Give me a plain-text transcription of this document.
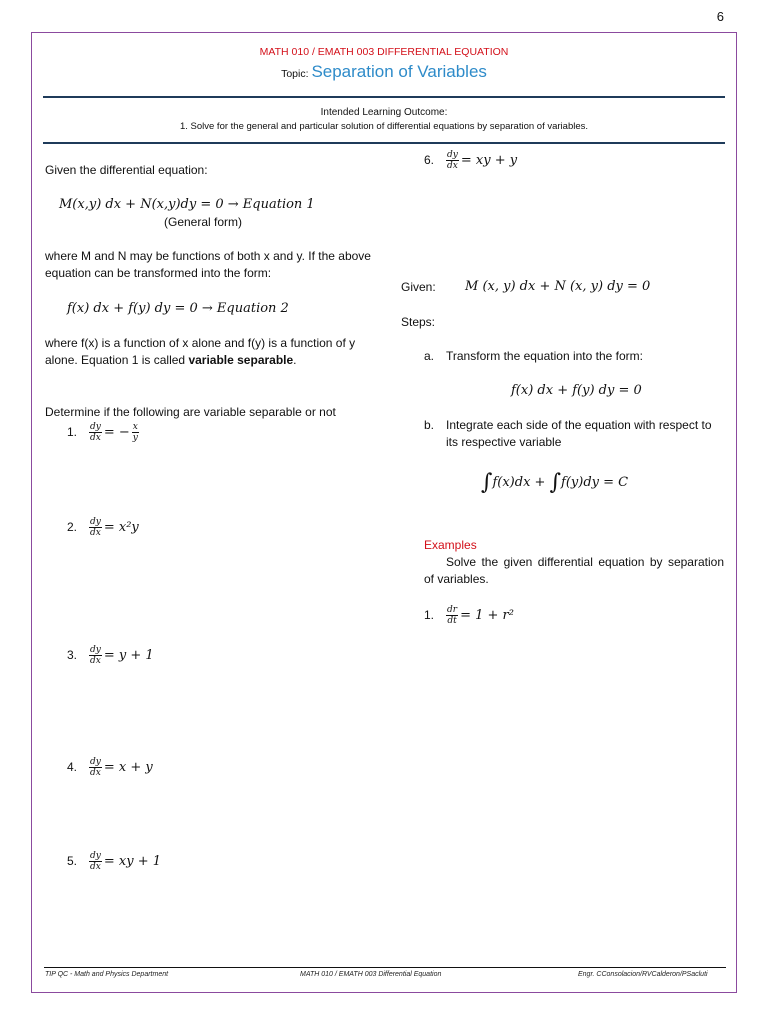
6
MATH 010 / EMATH 003 DIFFERENTIAL EQUATION
Topic: Separation of Variables
Intended Learning Outcome:
1. Solve for the general and particular solution of differential equations by separation of variables.
Given the differential equation:
M(x,y) dx + N(x,y)dy = 0 → Equation 1
(General form)
where M and N may be functions of both x and y. If the above equation can be transformed into the form:
f(x) dx + f(y) dy = 0 → Equation 2
where f(x) is a function of x alone and f(y) is a function of y alone. Equation 1 is called variable separable.
Determine if the following are variable separable or not
1. $\frac{dy}{dx}$ = − $\frac{x}{y}$
2. $\frac{dy}{dx} = x^2y$
3. $\frac{dy}{dx} = y + 1$
4. $\frac{dy}{dx} = x + y$
5. $\frac{dy}{dx}$ = xy + 1
6. $\frac{dy}{dx}$ = xy + y
Given: M (x, y) dx + N (x, y) dy = 0
Steps:
a. Transform the equation into the form:
f(x) dx + f(y) dy = 0
b. Integrate each side of the equation with respect to its respective variable
∫f(x)dx + ∫f(y)dy = C
Examples
Solve the given differential equation by separation of variables.
1. $\frac{dr}{dt} = 1 + r^2$
TIP QC - Math and Physics Department	MATH 010 / EMATH 003 Differential Equation	Engr. CConsolacion/RVCalderon/PSacluti
